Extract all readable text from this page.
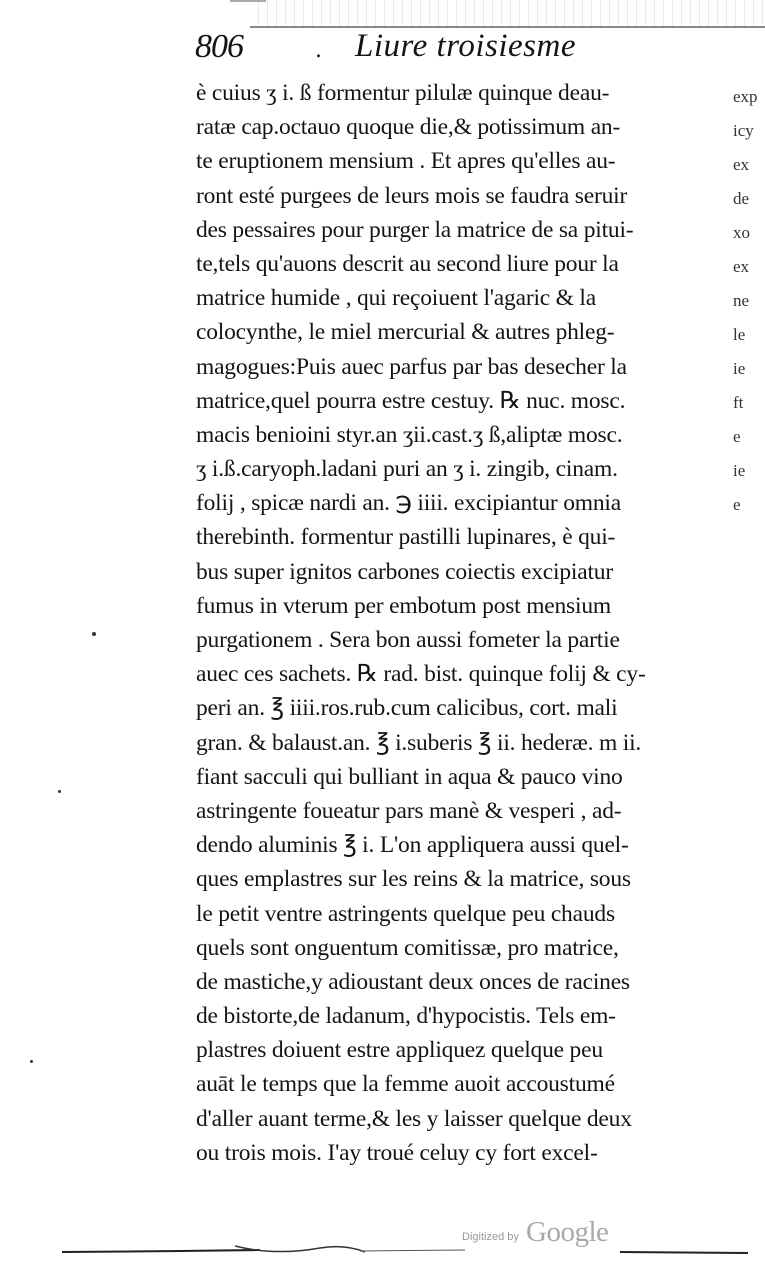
806	. Liure troisiesme
è cuius ʒ i. ß formentur pilulæ quinque deau-
ratæ cap.octauo quoque die,& potissimum an-
te eruptionem mensium . Et apres qu'elles au-
ront esté purgees de leurs mois se faudra seruir
des pessaires pour purger la matrice de sa pitui-
te,tels qu'auons descrit au second liure pour la
matrice humide , qui reçoiuent l'agaric & la
colocynthe, le miel mercurial & autres phleg-
magogues:Puis auec parfus par bas desecher la
matrice,quel pourra estre cestuy. ℞ nuc. mosc.
macis benioini styr.an ʒii.cast.ʒ ß,aliptæ mosc.
ʒ i.ß.caryoph.ladani puri an ʒ i. zingib, cinam.
folij , spicæ nardi an. ℈ iiii. excipiantur omnia
therebinth. formentur pastilli lupinares, è qui-
bus super ignitos carbones coiectis excipiatur
fumus in vterum per embotum post mensium
purgationem . Sera bon aussi fometer la partie
auec ces sachets. ℞ rad. bist. quinque folij & cy-
peri an. ℥ iiii.ros.rub.cum calicibus, cort. mali
gran. & balaust.an. ℥ i.suberis ℥ ii. hederæ. m ii.
fiant sacculi qui bulliant in aqua & pauco vino
astringente foueatur pars manè & vesperi , ad-
dendo aluminis ℥ i. L'on appliquera aussi quel-
ques emplastres sur les reins & la matrice, sous
le petit ventre astringents quelque peu chauds
quels sont onguentum comitissæ, pro matrice,
de mastiche,y adioustant deux onces de racines
de bistorte,de ladanum, d'hypocistis. Tels em-
plastres doiuent estre appliquez quelque peu
auāt le temps que la femme auoit accoustumé
d'aller auant terme,& les y laisser quelque deux
ou trois mois. I'ay troué celuy cy fort excel-
exp
icy
ex
de
xo
ex
ne
le
ie
ft
e
ie
e
Digitized by Google
